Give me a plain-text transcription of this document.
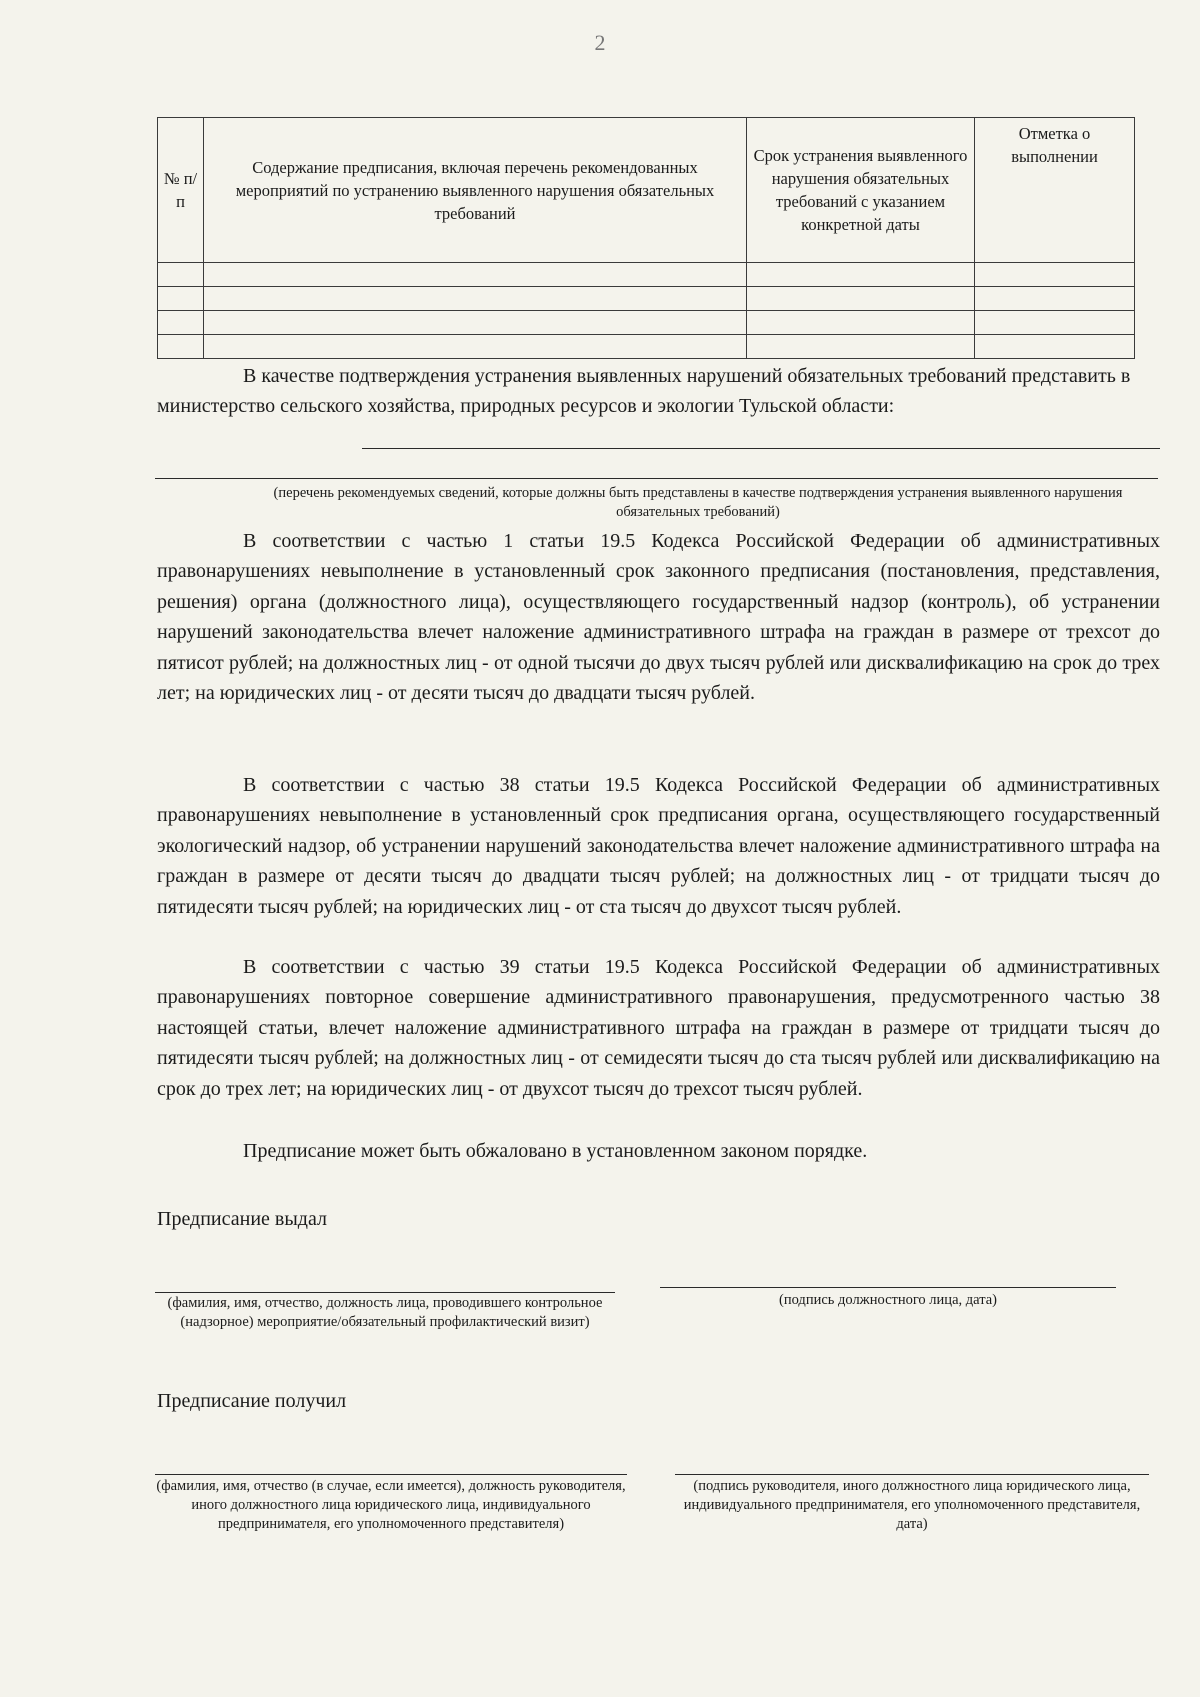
2
№ п/п	Содержание предписания, включая перечень рекомендованных мероприятий по устранению выявленного нарушения обязательных требований	Срок устранения выявленного нарушения обязательных требований с указанием конкретной даты	Отметка о выполнении

В качестве подтверждения устранения выявленных нарушений обязательных требований представить в министерство сельского хозяйства, природных ресурсов и экологии Тульской области:

(перечень рекомендуемых сведений, которые должны быть представлены в качестве подтверждения устранения выявленного нарушения обязательных требований)

В соответствии с частью 1 статьи 19.5 Кодекса Российской Федерации об административных правонарушениях невыполнение в установленный срок законного предписания (постановления, представления, решения) органа (должностного лица), осуществляющего государственный надзор (контроль), об устранении нарушений законодательства влечет наложение административного штрафа на граждан в размере от трехсот до пятисот рублей; на должностных лиц - от одной тысячи до двух тысяч рублей или дисквалификацию на срок до трех лет; на юридических лиц - от десяти тысяч до двадцати тысяч рублей.

В соответствии с частью 38 статьи 19.5 Кодекса Российской Федерации об административных правонарушениях невыполнение в установленный срок предписания органа, осуществляющего государственный экологический надзор, об устранении нарушений законодательства влечет наложение административного штрафа на граждан в размере от десяти тысяч до двадцати тысяч рублей; на должностных лиц - от тридцати тысяч до пятидесяти тысяч рублей; на юридических лиц - от ста тысяч до двухсот тысяч рублей.

В соответствии с частью 39 статьи 19.5 Кодекса Российской Федерации об административных правонарушениях повторное совершение административного правонарушения, предусмотренного частью 38 настоящей статьи, влечет наложение административного штрафа на граждан в размере от тридцати тысяч до пятидесяти тысяч рублей; на должностных лиц - от семидесяти тысяч до ста тысяч рублей или дисквалификацию на срок до трех лет; на юридических лиц - от двухсот тысяч до трехсот тысяч рублей.

Предписание может быть обжаловано в установленном законом порядке.

Предписание выдал

(фамилия, имя, отчество, должность лица, проводившего контрольное (надзорное) мероприятие/обязательный профилактический визит)

(подпись должностного лица, дата)

Предписание получил

(фамилия, имя, отчество (в случае, если имеется), должность руководителя, иного должностного лица юридического лица, индивидуального предпринимателя, его уполномоченного представителя)

(подпись руководителя, иного должностного лица юридического лица, индивидуального предпринимателя, его уполномоченного представителя, дата)
